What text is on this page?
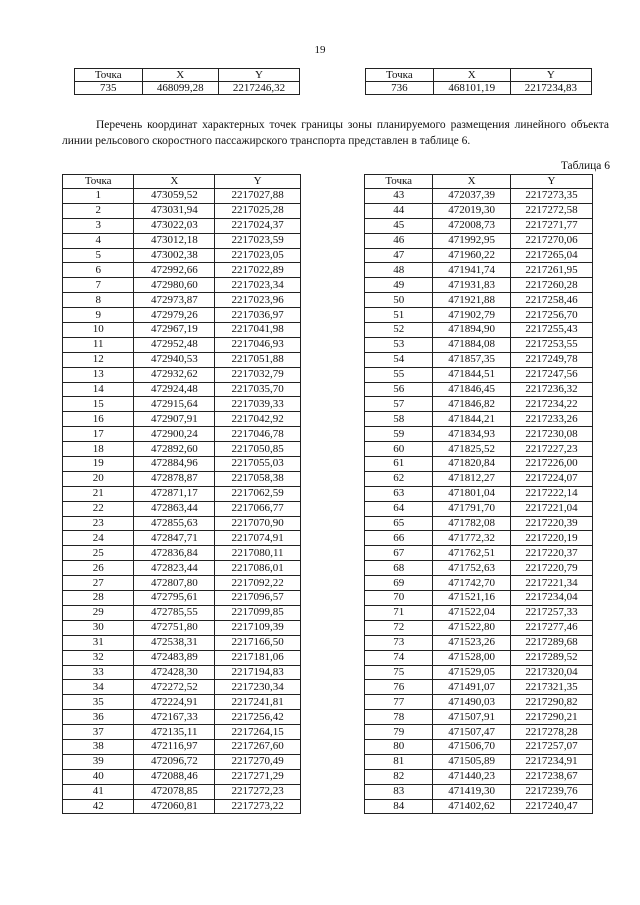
19
Точка	X	Y
735	468099,28	2217246,32
Точка	X	Y
736	468101,19	2217234,83

Перечень координат характерных точек границы зоны планируемого размещения линейного объекта линии рельсового скоростного пассажирского транспорта представлен в таблице 6.

Таблица 6
Точка	X	Y
1	473059,52	2217027,88
2	473031,94	2217025,28
3	473022,03	2217024,37
4	473012,18	2217023,59
5	473002,38	2217023,05
6	472992,66	2217022,89
7	472980,60	2217023,34
8	472973,87	2217023,96
9	472979,26	2217036,97
10	472967,19	2217041,98
11	472952,48	2217046,93
12	472940,53	2217051,88
13	472932,62	2217032,79
14	472924,48	2217035,70
15	472915,64	2217039,33
16	472907,91	2217042,92
17	472900,24	2217046,78
18	472892,60	2217050,85
19	472884,96	2217055,03
20	472878,87	2217058,38
21	472871,17	2217062,59
22	472863,44	2217066,77
23	472855,63	2217070,90
24	472847,71	2217074,91
25	472836,84	2217080,11
26	472823,44	2217086,01
27	472807,80	2217092,22
28	472795,61	2217096,57
29	472785,55	2217099,85
30	472751,80	2217109,39
31	472538,31	2217166,50
32	472483,89	2217181,06
33	472428,30	2217194,83
34	472272,52	2217230,34
35	472224,91	2217241,81
36	472167,33	2217256,42
37	472135,11	2217264,15
38	472116,97	2217267,60
39	472096,72	2217270,49
40	472088,46	2217271,29
41	472078,85	2217272,23
42	472060,81	2217273,22
Точка	X	Y
43	472037,39	2217273,35
44	472019,30	2217272,58
45	472008,73	2217271,77
46	471992,95	2217270,06
47	471960,22	2217265,04
48	471941,74	2217261,95
49	471931,83	2217260,28
50	471921,88	2217258,46
51	471902,79	2217256,70
52	471894,90	2217255,43
53	471884,08	2217253,55
54	471857,35	2217249,78
55	471844,51	2217247,56
56	471846,45	2217236,32
57	471846,82	2217234,22
58	471844,21	2217233,26
59	471834,93	2217230,08
60	471825,52	2217227,23
61	471820,84	2217226,00
62	471812,27	2217224,07
63	471801,04	2217222,14
64	471791,70	2217221,04
65	471782,08	2217220,39
66	471772,32	2217220,19
67	471762,51	2217220,37
68	471752,63	2217220,79
69	471742,70	2217221,34
70	471521,16	2217234,04
71	471522,04	2217257,33
72	471522,80	2217277,46
73	471523,26	2217289,68
74	471528,00	2217289,52
75	471529,05	2217320,04
76	471491,07	2217321,35
77	471490,03	2217290,82
78	471507,91	2217290,21
79	471507,47	2217278,28
80	471506,70	2217257,07
81	471505,89	2217234,91
82	471440,23	2217238,67
83	471419,30	2217239,76
84	471402,62	2217240,47
